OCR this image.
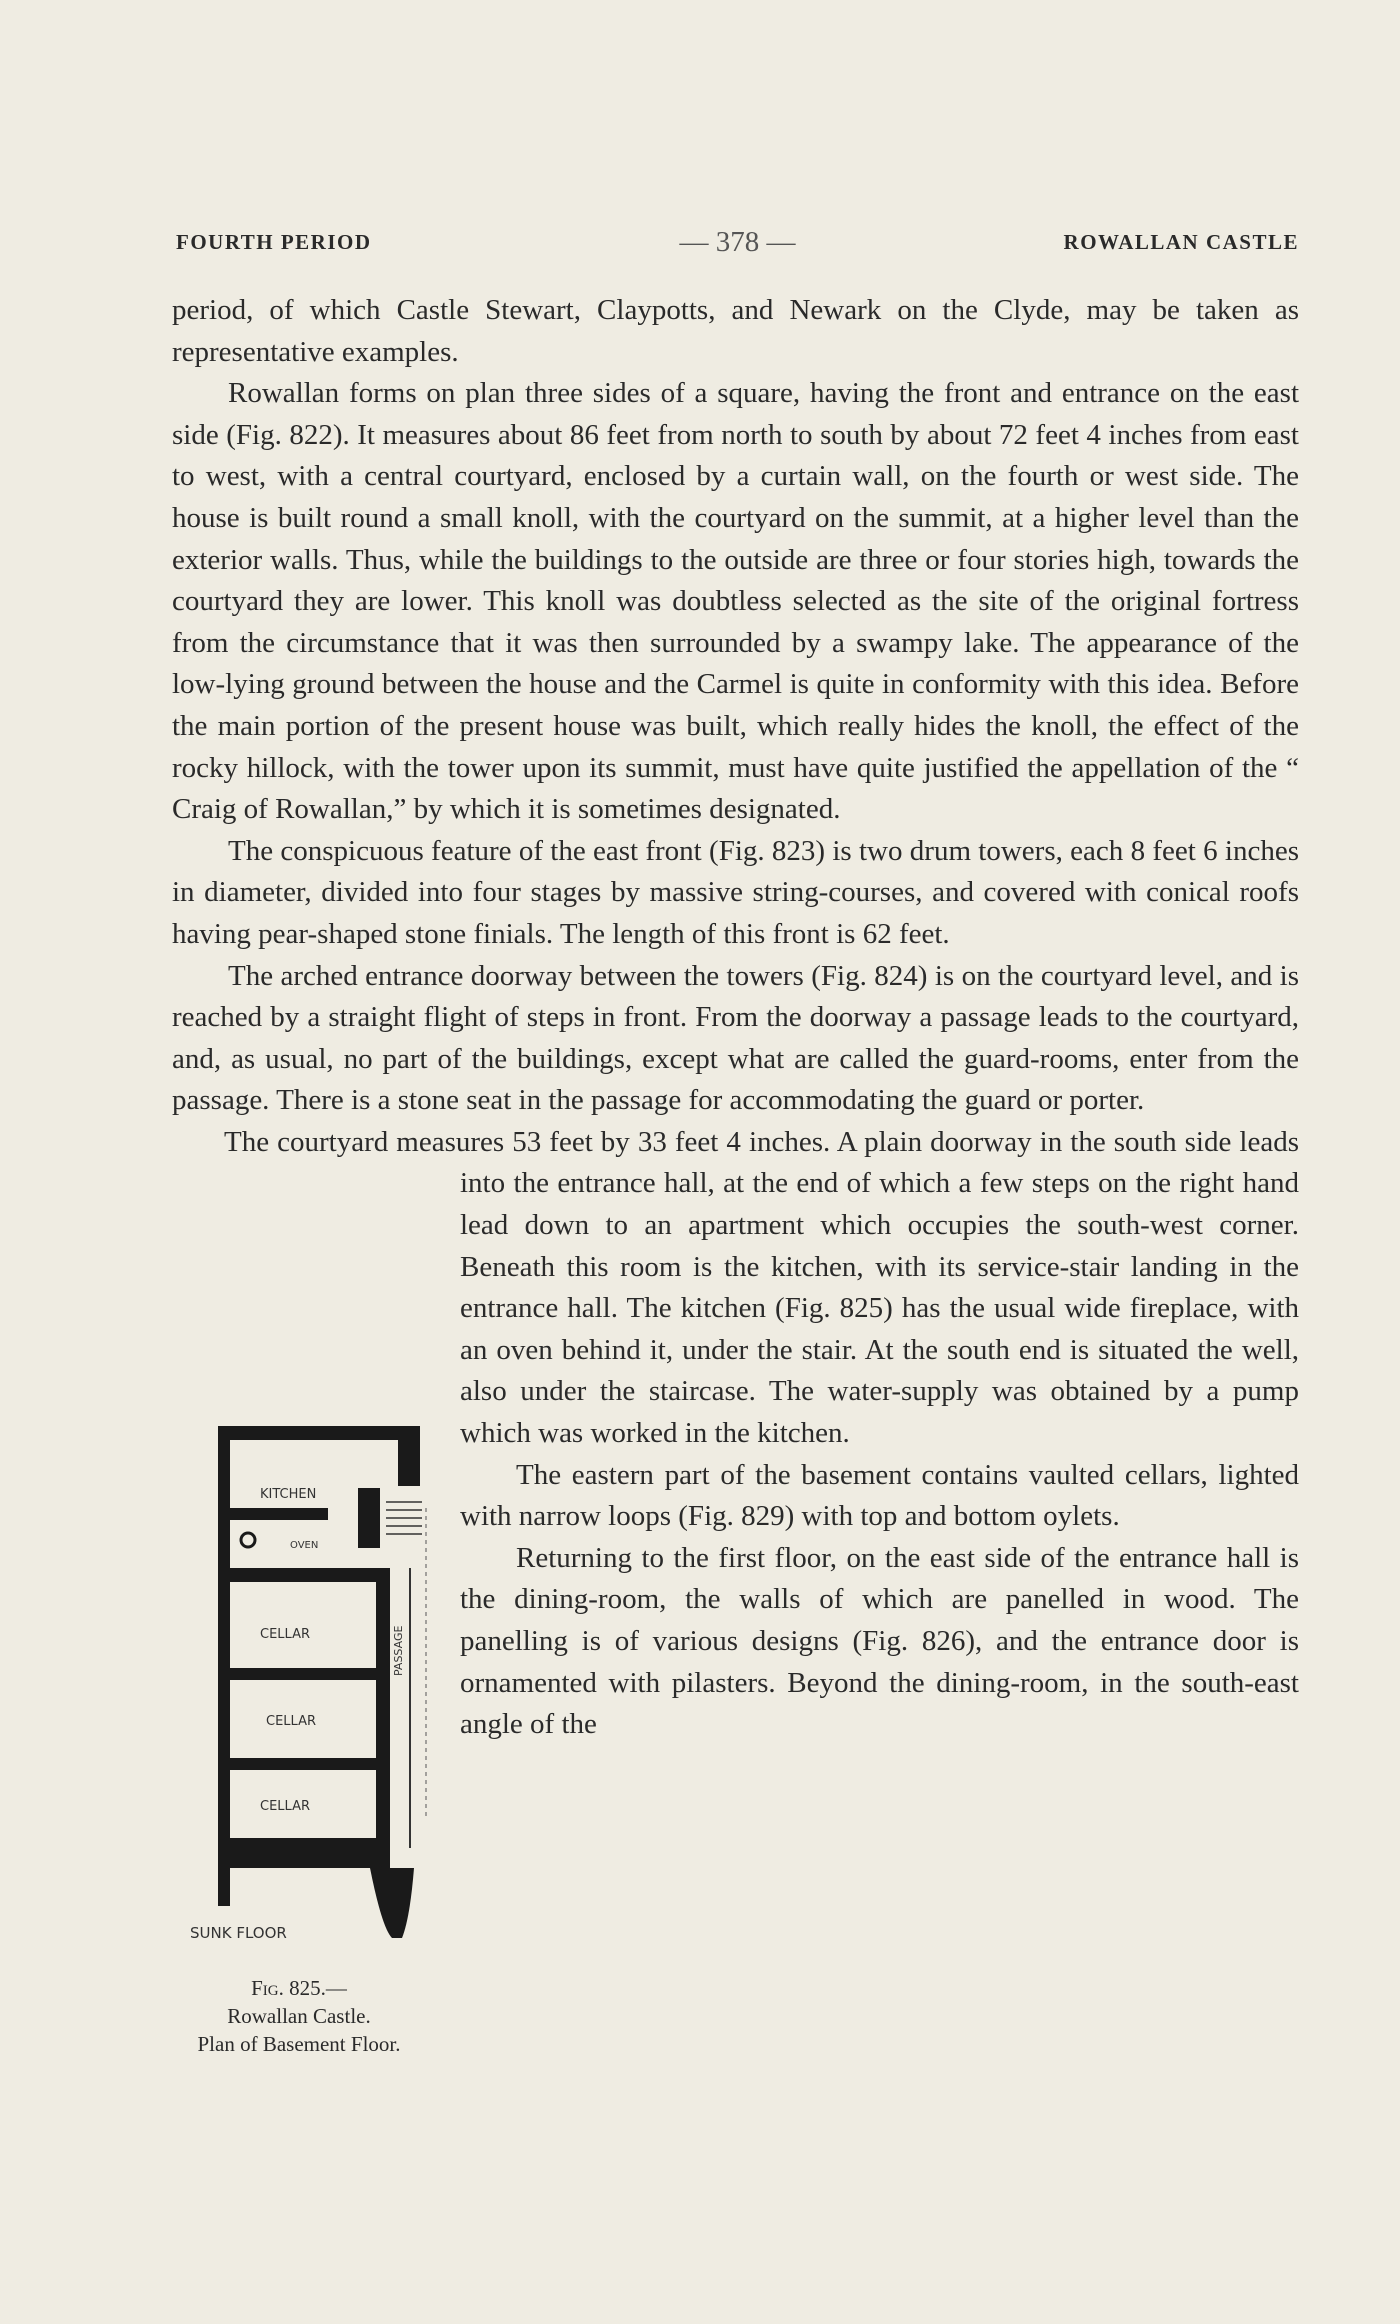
FOURTH PERIOD	— 378 —	ROWALLAN CASTLE

period, of which Castle Stewart, Claypotts, and Newark on the Clyde, may be taken as representative examples.

Rowallan forms on plan three sides of a square, having the front and entrance on the east side (Fig. 822). It measures about 86 feet from north to south by about 72 feet 4 inches from east to west, with a central courtyard, enclosed by a curtain wall, on the fourth or west side. The house is built round a small knoll, with the courtyard on the summit, at a higher level than the exterior walls. Thus, while the buildings to the outside are three or four stories high, towards the courtyard they are lower. This knoll was doubtless selected as the site of the original fortress from the circumstance that it was then surrounded by a swampy lake. The appearance of the low-lying ground between the house and the Carmel is quite in conformity with this idea. Before the main portion of the present house was built, which really hides the knoll, the effect of the rocky hillock, with the tower upon its summit, must have quite justified the appellation of the “ Craig of Rowallan,” by which it is sometimes designated.

The conspicuous feature of the east front (Fig. 823) is two drum towers, each 8 feet 6 inches in diameter, divided into four stages by massive string-courses, and covered with conical roofs having pear-shaped stone finials. The length of this front is 62 feet.

The arched entrance doorway between the towers (Fig. 824) is on the courtyard level, and is reached by a straight flight of steps in front. From the doorway a passage leads to the courtyard, and, as usual, no part of the buildings, except what are called the guard-rooms, enter from the passage. There is a stone seat in the passage for accommodating the guard or porter.

The courtyard measures 53 feet by 33 feet 4 inches. A plain doorway in the south side leads into the entrance hall, at the end of which a few steps on the right hand lead down to an apartment which occupies the south-west corner. Beneath this room is the kitchen, with its service-stair landing in the entrance hall. The kitchen (Fig. 825) has the usual wide fireplace, with an oven behind it, under the stair. At the south end is situated the well, also under the staircase. The water-supply was obtained by a pump which was worked in the kitchen.

The eastern part of the basement contains vaulted cellars, lighted with narrow loops (Fig. 829) with top and bottom oylets.

Returning to the first floor, on the east side of the entrance hall is the dining-room, the walls of which are panelled in wood. The panelling is of various designs (Fig. 826), and the entrance door is ornamented with pilasters. Beyond the dining-room, in the south-east angle of the

KITCHEN
OVEN
CELLAR
CELLAR
CELLAR
PASSAGE
SUNK FLOOR
Fig. 825.—
Rowallan Castle.
Plan of Basement Floor.
